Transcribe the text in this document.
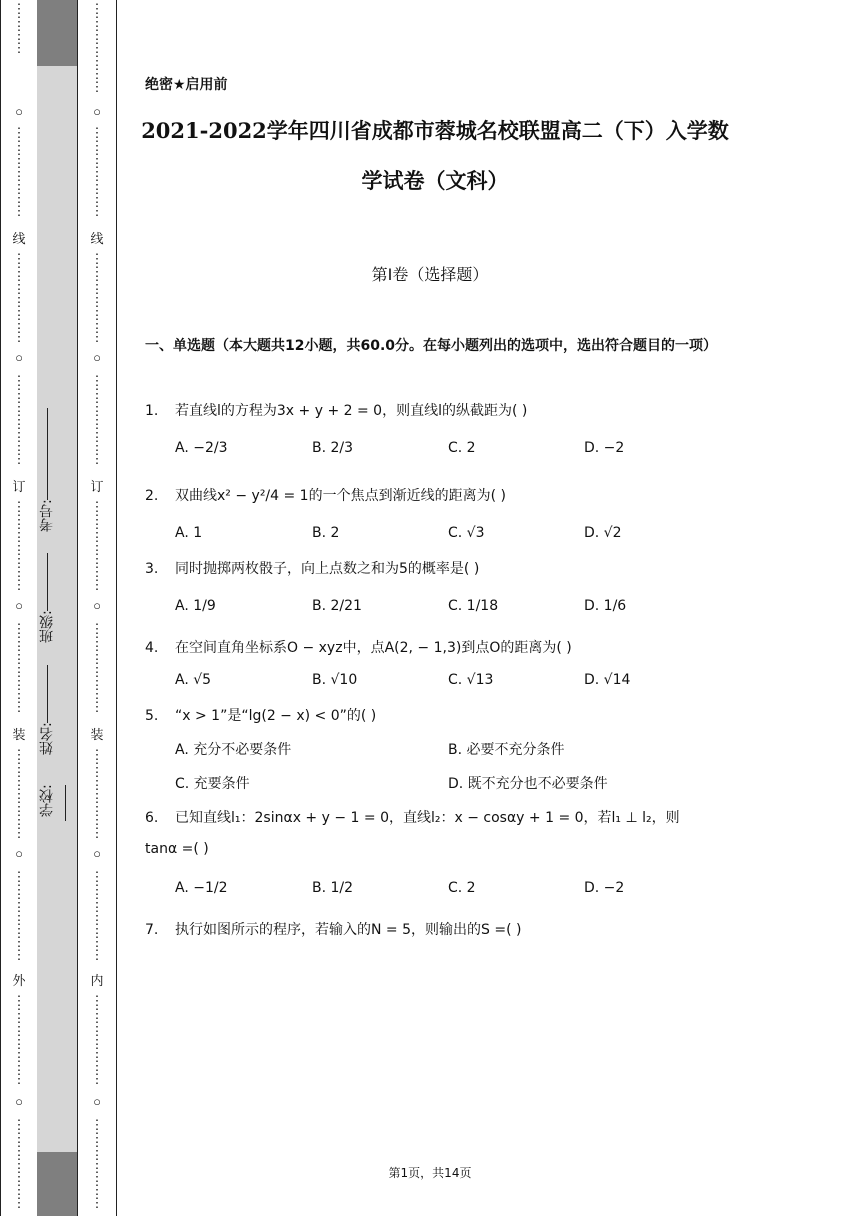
⋮
⋮
⋮
⋮
○
⋮
⋮
⋮
⋮
⋮
⋮
⋮
线
⋮
⋮
⋮
⋮
⋮
⋮
⋮
○
⋮
⋮
⋮
⋮
⋮
⋮
⋮
订
⋮
⋮
⋮
⋮
⋮
⋮
⋮
○
⋮
⋮
⋮
⋮
⋮
⋮
⋮
装
⋮
⋮
⋮
⋮
⋮
⋮
⋮
○
⋮
⋮
⋮
⋮
⋮
⋮
⋮
外
⋮
⋮
⋮
⋮
⋮
⋮
⋮
○
⋮
⋮
⋮
⋮
⋮
⋮
⋮
学校:
姓名:
班级:
考号:
⋮
⋮
⋮
⋮
⋮
⋮
⋮
○
⋮
⋮
⋮
⋮
⋮
⋮
⋮
线
⋮
⋮
⋮
⋮
⋮
⋮
⋮
○
⋮
⋮
⋮
⋮
⋮
⋮
⋮
订
⋮
⋮
⋮
⋮
⋮
⋮
⋮
○
⋮
⋮
⋮
⋮
⋮
⋮
⋮
装
⋮
⋮
⋮
⋮
⋮
⋮
⋮
○
⋮
⋮
⋮
⋮
⋮
⋮
⋮
内
⋮
⋮
⋮
⋮
⋮
⋮
⋮
○
⋮
⋮
⋮
⋮
⋮
⋮
⋮
绝密★启用前
2021-2022学年四川省成都市蓉城名校联盟高二（下）入学数学试卷（文科）
第I卷（选择题）
一、单选题（本大题共12小题，共60.0分。在每小题列出的选项中，选出符合题目的一项）
1. 若直线l的方程为3x + y + 2 = 0，则直线l的纵截距为( )
A. −2/3	B. 2/3	C. 2	D. −2
2. 双曲线x² − y²/4 = 1的一个焦点到渐近线的距离为( )
A. 1	B. 2	C. √3	D. √2
3. 同时抛掷两枚骰子，向上点数之和为5的概率是( )
A. 1/9	B. 2/21	C. 1/18	D. 1/6
4. 在空间直角坐标系O − xyz中，点A(2, − 1,3)到点O的距离为( )
A. √5	B. √10	C. √13	D. √14
5. “x > 1”是“lg(2 − x) < 0”的( )
A. 充分不必要条件	B. 必要不充分条件
C. 充要条件	D. 既不充分也不必要条件
6. 已知直线l₁：2sinαx + y − 1 = 0，直线l₂：x − cosαy + 1 = 0，若l₁ ⊥ l₂，则
tanα =( )
A. −1/2	B. 1/2	C. 2	D. −2
7. 执行如图所示的程序，若输入的N = 5，则输出的S =( )
第1页，共14页
